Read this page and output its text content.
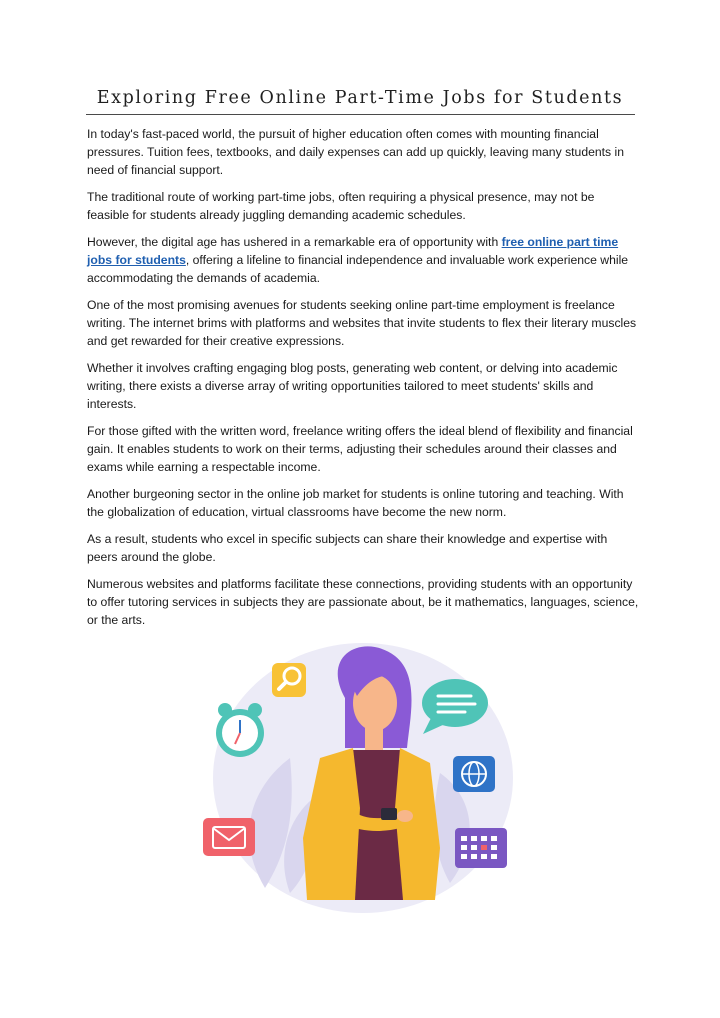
Exploring Free Online Part-Time Jobs for Students

In today's fast-paced world, the pursuit of higher education often comes with mounting financial pressures. Tuition fees, textbooks, and daily expenses can add up quickly, leaving many students in need of financial support.

The traditional route of working part-time jobs, often requiring a physical presence, may not be feasible for students already juggling demanding academic schedules.

However, the digital age has ushered in a remarkable era of opportunity with free online part time jobs for students, offering a lifeline to financial independence and invaluable work experience while accommodating the demands of academia.

One of the most promising avenues for students seeking online part-time employment is freelance writing. The internet brims with platforms and websites that invite students to flex their literary muscles and get rewarded for their creative expressions.

Whether it involves crafting engaging blog posts, generating web content, or delving into academic writing, there exists a diverse array of writing opportunities tailored to meet students' skills and interests.

For those gifted with the written word, freelance writing offers the ideal blend of flexibility and financial gain. It enables students to work on their terms, adjusting their schedules around their classes and exams while earning a respectable income.

Another burgeoning sector in the online job market for students is online tutoring and teaching. With the globalization of education, virtual classrooms have become the new norm.

As a result, students who excel in specific subjects can share their knowledge and expertise with peers around the globe.

Numerous websites and platforms facilitate these connections, providing students with an opportunity to offer tutoring services in subjects they are passionate about, be it mathematics, languages, science, or the arts.
